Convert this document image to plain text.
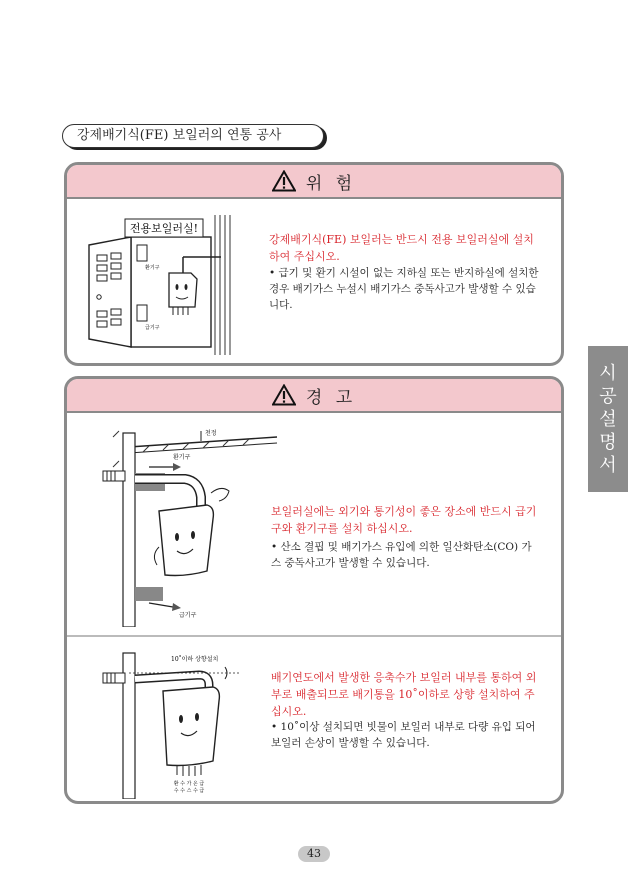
강제배기식(FE) 보일러의 연통 공사
위 험
전용보일러실!
환기구
급기구
강제배기식(FE) 보일러는 반드시 전용 보일러실에 설치하여 주십시오.
• 급기 및 환기 시설이 없는 지하실 또는 반지하실에 설치한 경우 배기가스 누설시 배기가스 중독사고가 발생할 수 있습니다.
경 고
천정
환기구
급기구
보일러실에는 외기와 통기성이 좋은 장소에 반드시 급기구와 환기구를 설치 하십시오.
• 산소 결핍 및 배기가스 유입에 의한 일산화탄소(CO) 가스 중독사고가 발생할 수 있습니다.
10˚이하 상향설치
환 수 가 온 급
수 수 스 수 급
배기연도에서 발생한 응축수가 보일러 내부를 통하여 외부로 배출되므로 배기통을 10˚이하로 상향 설치하여 주십시오.
• 10˚이상 설치되면 빗물이 보일러 내부로 다량 유입 되어 보일러 손상이 발생할 수 있습니다.
시
공
설
명
서
43
